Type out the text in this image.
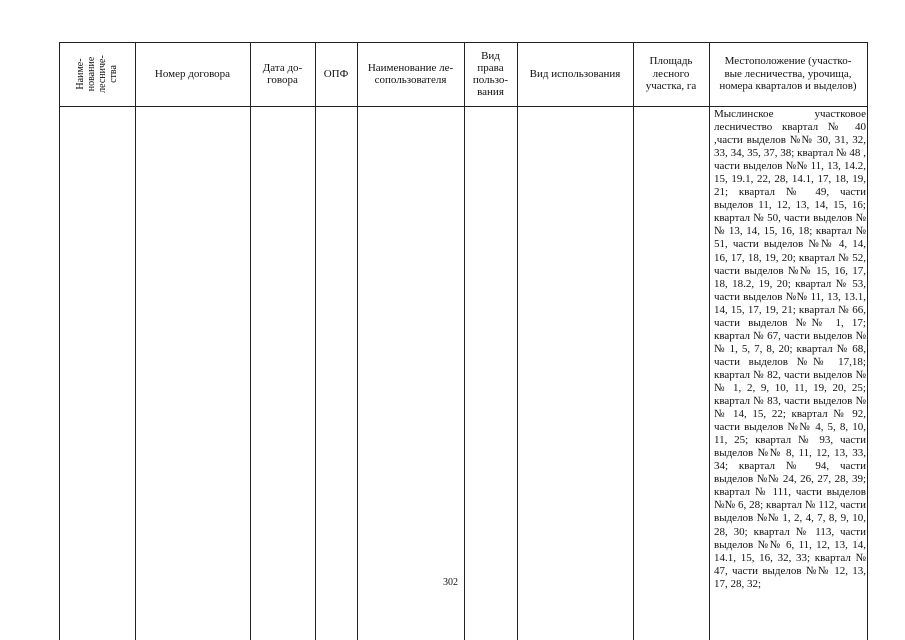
Наиме-
нование
лесниче-
ства	Номер договора
Дата до-
говора
ОПФ
Наименование ле-
сопользователя
Вид
права
пользо-
вания
Вид использования
Площадь
лесного
участка, га
Местоположение (участко-
вые лесничества, урочища,
номера кварталов и выделов)
Мыслинское участковое лесничество квартал № 40 ,части выделов №№ 30, 31, 32, 33, 34, 35, 37, 38; квартал № 48 , части выделов №№ 11, 13, 14.2, 15, 19.1, 22, 28, 14.1, 17, 18, 19, 21; квартал № 49, части выделов 11, 12, 13, 14, 15, 16; квартал № 50, части выделов №№ 13, 14, 15, 16, 18; квартал № 51, части выделов №№ 4, 14, 16, 17, 18, 19, 20; квартал № 52, части выделов №№ 15, 16, 17, 18, 18.2, 19, 20; квартал № 53, части выделов №№ 11, 13, 13.1, 14, 15, 17, 19, 21; квартал № 66, части выделов №№ 1, 17; квартал № 67, части выделов №№ 1, 5, 7, 8, 20; квартал № 68, части выделов №№ 17,18; квартал № 82, части выделов №№ 1, 2, 9, 10, 11, 19, 20, 25; квартал № 83, части выделов №№ 14, 15, 22; квартал № 92, части выделов №№ 4, 5, 8, 10, 11, 25; квартал № 93, части выделов №№ 8, 11, 12, 13, 33, 34; квартал № 94, части выделов №№ 24, 26, 27, 28, 39; квартал № 111, части выделов №№ 6, 28; квартал № 112, части выделов №№ 1, 2, 4, 7, 8, 9, 10, 28, 30; квартал № 113, части выделов №№ 6, 11, 12, 13, 14, 14.1, 15, 16, 32, 33; квартал № 47, части выделов №№ 12, 13, 17, 28, 32;
302
